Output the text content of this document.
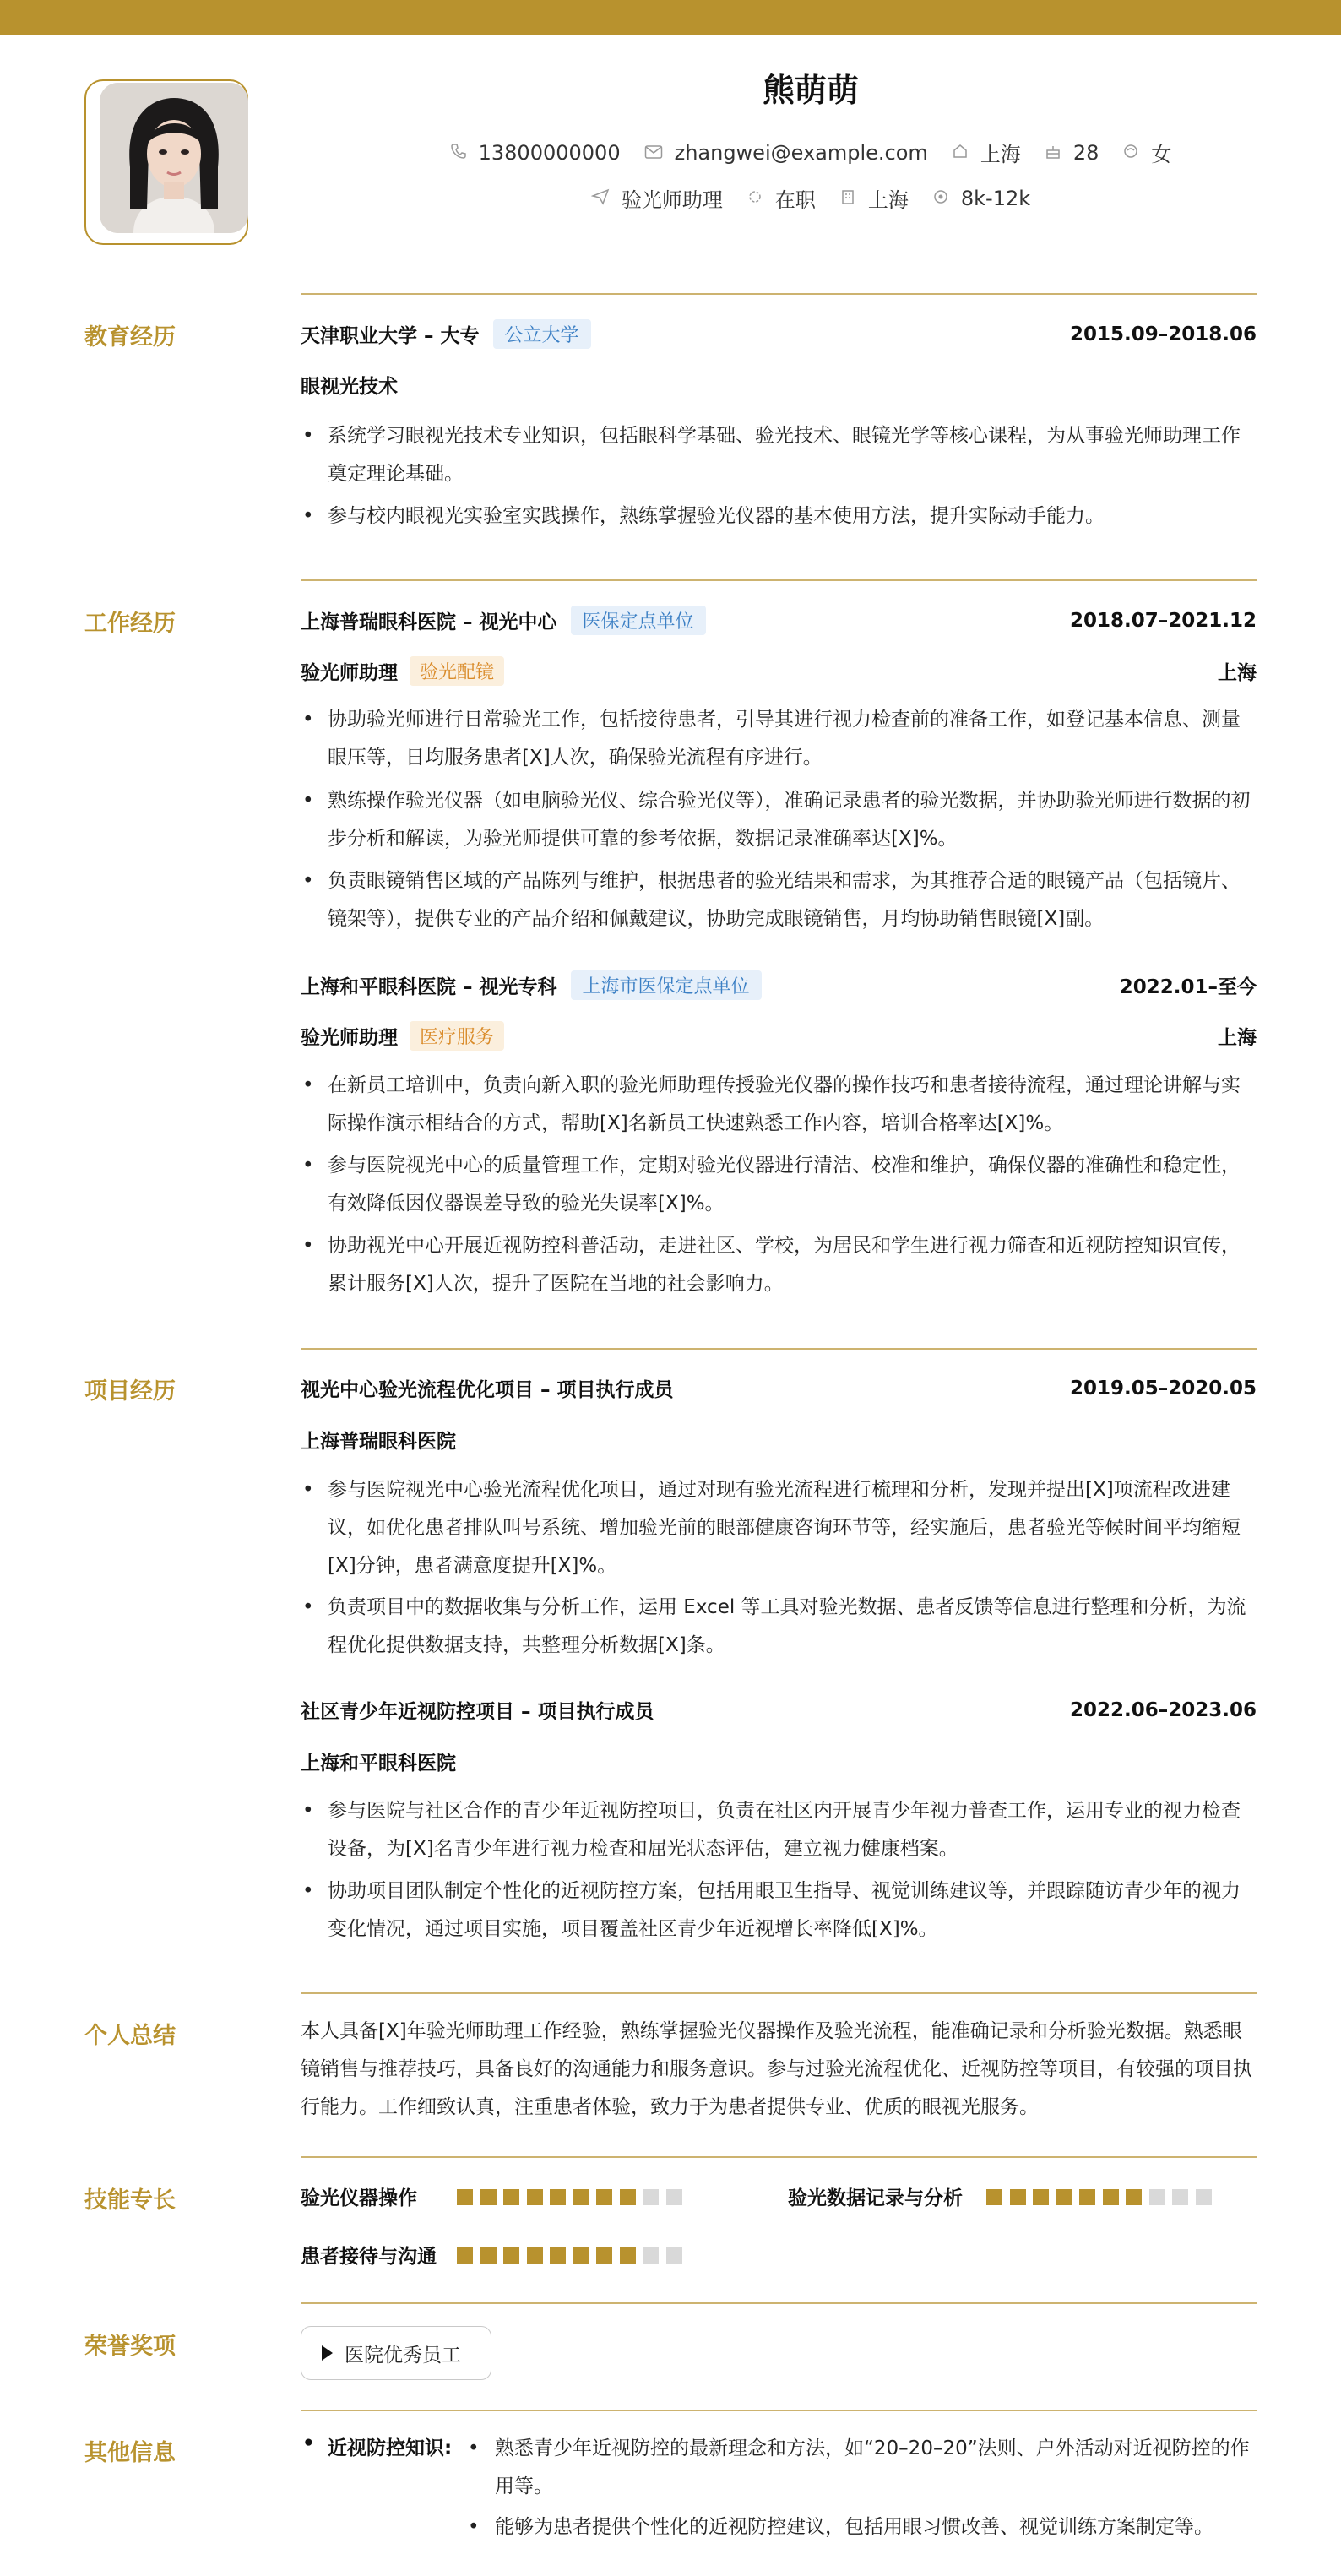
熊萌萌
13800000000	zhangwei@example.com	上海	28	女
验光师助理	在职	上海	8k-12k
教育经历	天津职业大学 – 大专	公立大学	2015.09–2018.06
眼视光技术
• 系统学习眼视光技术专业知识，包括眼科学基础、验光技术、眼镜光学等核心课程，为从事验光师助理工作奠定理论基础。
• 参与校内眼视光实验室实践操作，熟练掌握验光仪器的基本使用方法，提升实际动手能力。
工作经历	上海普瑞眼科医院 – 视光中心	医保定点单位	2018.07–2021.12
验光师助理	验光配镜	上海
• 协助验光师进行日常验光工作，包括接待患者，引导其进行视力检查前的准备工作，如登记基本信息、测量眼压等，日均服务患者[X]人次，确保验光流程有序进行。
• 熟练操作验光仪器（如电脑验光仪、综合验光仪等），准确记录患者的验光数据，并协助验光师进行数据的初步分析和解读，为验光师提供可靠的参考依据，数据记录准确率达[X]%。
• 负责眼镜销售区域的产品陈列与维护，根据患者的验光结果和需求，为其推荐合适的眼镜产品（包括镜片、镜架等），提供专业的产品介绍和佩戴建议，协助完成眼镜销售，月均协助销售眼镜[X]副。
上海和平眼科医院 – 视光专科	上海市医保定点单位	2022.01–至今
验光师助理	医疗服务	上海
• 在新员工培训中，负责向新入职的验光师助理传授验光仪器的操作技巧和患者接待流程，通过理论讲解与实际操作演示相结合的方式，帮助[X]名新员工快速熟悉工作内容，培训合格率达[X]%。
• 参与医院视光中心的质量管理工作，定期对验光仪器进行清洁、校准和维护，确保仪器的准确性和稳定性，有效降低因仪器误差导致的验光失误率[X]%。
• 协助视光中心开展近视防控科普活动，走进社区、学校，为居民和学生进行视力筛查和近视防控知识宣传，累计服务[X]人次，提升了医院在当地的社会影响力。
项目经历	视光中心验光流程优化项目 – 项目执行成员	2019.05–2020.05
上海普瑞眼科医院
• 参与医院视光中心验光流程优化项目，通过对现有验光流程进行梳理和分析，发现并提出[X]项流程改进建议，如优化患者排队叫号系统、增加验光前的眼部健康咨询环节等，经实施后，患者验光等候时间平均缩短[X]分钟，患者满意度提升[X]%。
• 负责项目中的数据收集与分析工作，运用 Excel 等工具对验光数据、患者反馈等信息进行整理和分析，为流程优化提供数据支持，共整理分析数据[X]条。
社区青少年近视防控项目 – 项目执行成员	2022.06–2023.06
上海和平眼科医院
• 参与医院与社区合作的青少年近视防控项目，负责在社区内开展青少年视力普查工作，运用专业的视力检查设备，为[X]名青少年进行视力检查和屈光状态评估，建立视力健康档案。
• 协助项目团队制定个性化的近视防控方案，包括用眼卫生指导、视觉训练建议等，并跟踪随访青少年的视力变化情况，通过项目实施，项目覆盖社区青少年近视增长率降低[X]%。
个人总结	本人具备[X]年验光师助理工作经验，熟练掌握验光仪器操作及验光流程，能准确记录和分析验光数据。熟悉眼镜销售与推荐技巧，具备良好的沟通能力和服务意识。参与过验光流程优化、近视防控等项目，有较强的项目执行能力。工作细致认真，注重患者体验，致力于为患者提供专业、优质的眼视光服务。
技能专长	验光仪器操作	验光数据记录与分析
患者接待与沟通
荣誉奖项	医院优秀员工
其他信息	• 近视防控知识:	• 熟悉青少年近视防控的最新理念和方法，如“20–20–20”法则、户外活动对近视防控的作用等。
• 能够为患者提供个性化的近视防控建议，包括用眼习惯改善、视觉训练方案制定等。
